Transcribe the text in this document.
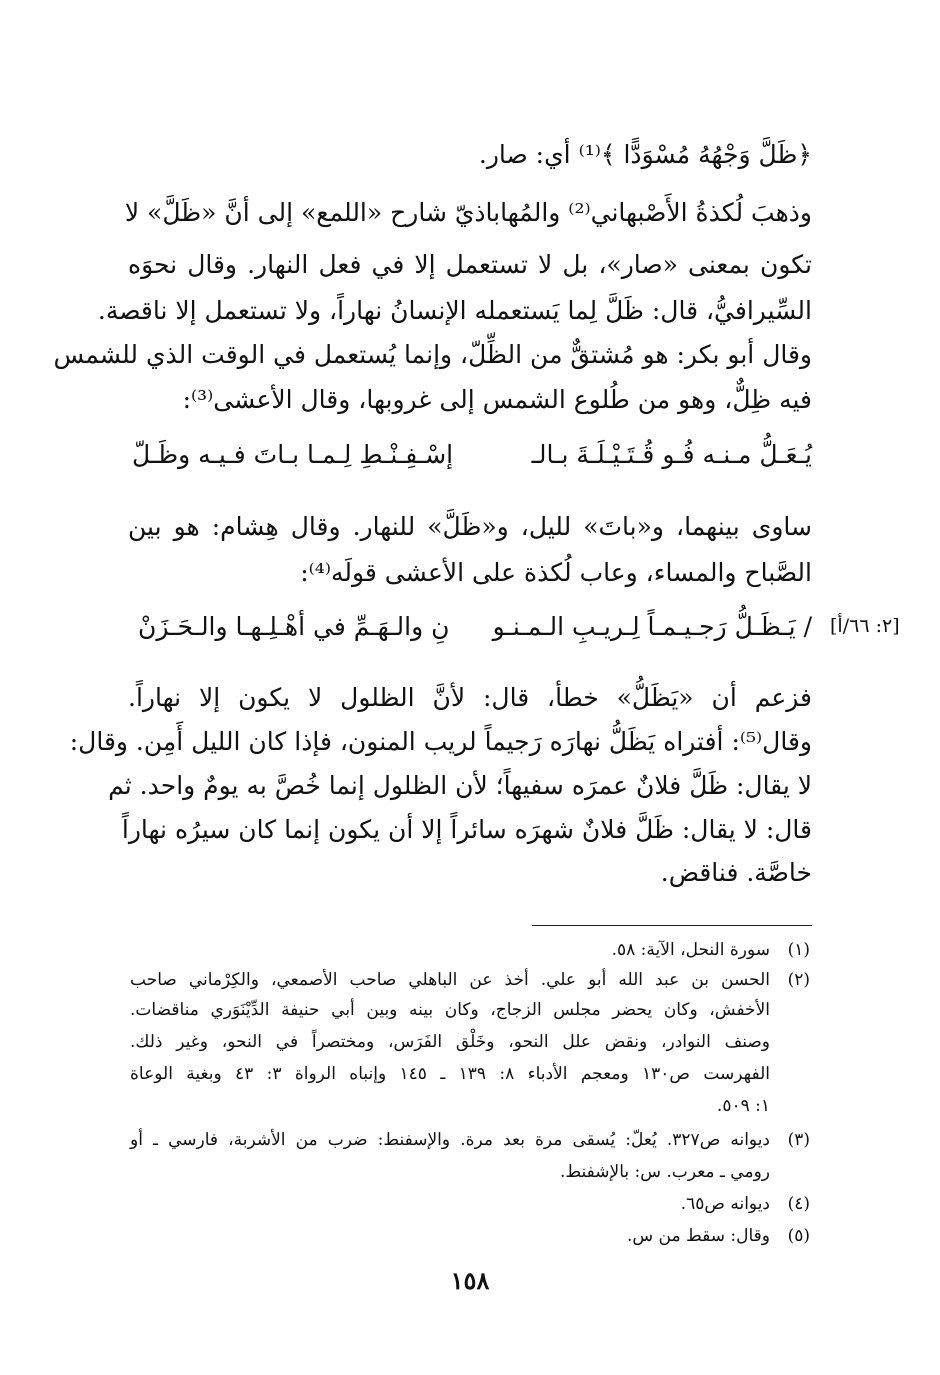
﴿ظَلَّ وَجْهُهُ مُسْوَدًّا ﴾⁽¹⁾ أي: صار.
وذهبَ لُكذةُ الأَصْبهاني⁽²⁾ والمُهاباذيّ شارح «اللمع» إلى أنَّ «ظَلَّ» لا
تكون بمعنى «صار»، بل لا تستعمل إلا في فعل النهار. وقال نحوَه
السِّيرافيُّ، قال: ظَلَّ لِما يَستعمله الإنسانُ نهاراً، ولا تستعمل إلا ناقصة.
وقال أبو بكر: هو مُشتقٌّ من الظِّلّ، وإنما يُستعمل في الوقت الذي للشمس
فيه ظِلٌّ، وهو من طُلوع الشمس إلى غروبها، وقال الأعشى⁽³⁾:
يُـعَـلُّ مـنـه فُـو قُـتَـيْـلَـةَ بـالـ
إسْـفِـنْـطِ لِـمـا بـاتَ فـيـه وظَـلّ
ساوى بينهما، و«باتَ» لليل، و«ظَلَّ» للنهار. وقال هِشام: هو بين
الصَّباح والمساء، وعاب لُكذة على الأعشى قولَه⁽⁴⁾:
[٢: ٦٦/أ]
/ يَـظَـلُّ رَجـيـمـاً لِـريـبِ الـمـنـو
نِ والـهَـمِّ في أهْـلِـهـا والـحَـزَنْ
فزعم أن «يَظَلُّ» خطأ، قال: لأنَّ الظلول لا يكون إلا نهاراً.
وقال⁽⁵⁾: أفتراه يَظَلُّ نهارَه رَجيماً لريب المنون، فإذا كان الليل أَمِن. وقال:
لا يقال: ظَلَّ فلانٌ عمرَه سفيهاً؛ لأن الظلول إنما خُصَّ به يومٌ واحد. ثم
قال: لا يقال: ظَلَّ فلانٌ شهرَه سائراً إلا أن يكون إنما كان سيرُه نهاراً
خاصَّة. فناقض.
(١)سورة النحل، الآية: ٥٨.
(٢)الحسن بن عبد الله أبو علي. أخذ عن الباهلي صاحب الأصمعي، والكِرْماني صاحب
الأخفش، وكان يحضر مجلس الزجاج، وكان بينه وبين أبي حنيفة الدِّيْنَوَري مناقضات.
وصنف النوادر، ونقض علل النحو، وخَلْق الفَرَس، ومختصراً في النحو، وغير ذلك.
الفهرست ص١٣٠ ومعجم الأدباء ٨: ١٣٩ ـ ١٤٥ وإنباه الرواة ٣: ٤٣ وبغية الوعاة
١: ٥٠٩.
(٣)ديوانه ص٣٢٧. يُعلّ: يُسقى مرة بعد مرة. والإسفنط: ضرب من الأشربة، فارسي ـ أو
رومي ـ معرب. س: بالإشفنط.
(٤)ديوانه ص٦٥.
(٥)وقال: سقط من س.
١٥٨
